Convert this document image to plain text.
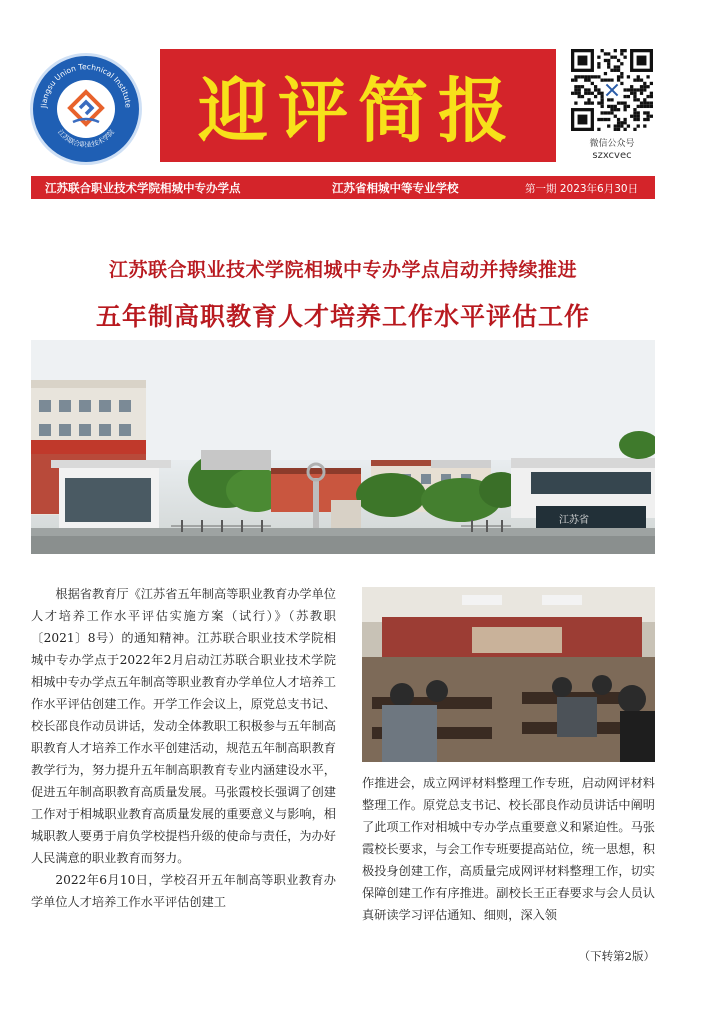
Jiangsu Union Technical Institute
江苏联合职业技术学院	迎评简报	微信公众号
szxcvec
江苏联合职业技术学院相城中专办学点	江苏省相城中等专业学校	第一期 2023年6月30日
江苏联合职业技术学院相城中专办学点启动并持续推进
五年制高职教育人才培养工作水平评估工作
江苏省

根据省教育厅《江苏省五年制高等职业教育办学单位人才培养工作水平评估实施方案（试行）》（苏教职〔2021〕8号）的通知精神。江苏联合职业技术学院相城中专办学点于2022年2月启动江苏联合职业技术学院相城中专办学点五年制高等职业教育办学单位人才培养工作水平评估创建工作。开学工作会议上，原党总支书记、校长邵良作动员讲话，发动全体教职工积极参与五年制高职教育人才培养工作水平创建活动，规范五年制高职教育教学行为，努力提升五年制高职教育专业内涵建设水平，促进五年制高职教育高质量发展。马张霞校长强调了创建工作对于相城职业教育高质量发展的重要意义与影响，相城职教人要勇于肩负学校提档升级的使命与责任，为办好人民满意的职业教育而努力。

2022年6月10日，学校召开五年制高等职业教育办学单位人才培养工作水平评估创建工

作推进会，成立网评材料整理工作专班，启动网评材料整理工作。原党总支书记、校长邵良作动员讲话中阐明了此项工作对相城中专办学点重要意义和紧迫性。马张霞校长要求，与会工作专班要提高站位，统一思想，积极投身创建工作，高质量完成网评材料整理工作，切实保障创建工作有序推进。副校长王正春要求与会人员认真研读学习评估通知、细则，深入领

（下转第2版）
